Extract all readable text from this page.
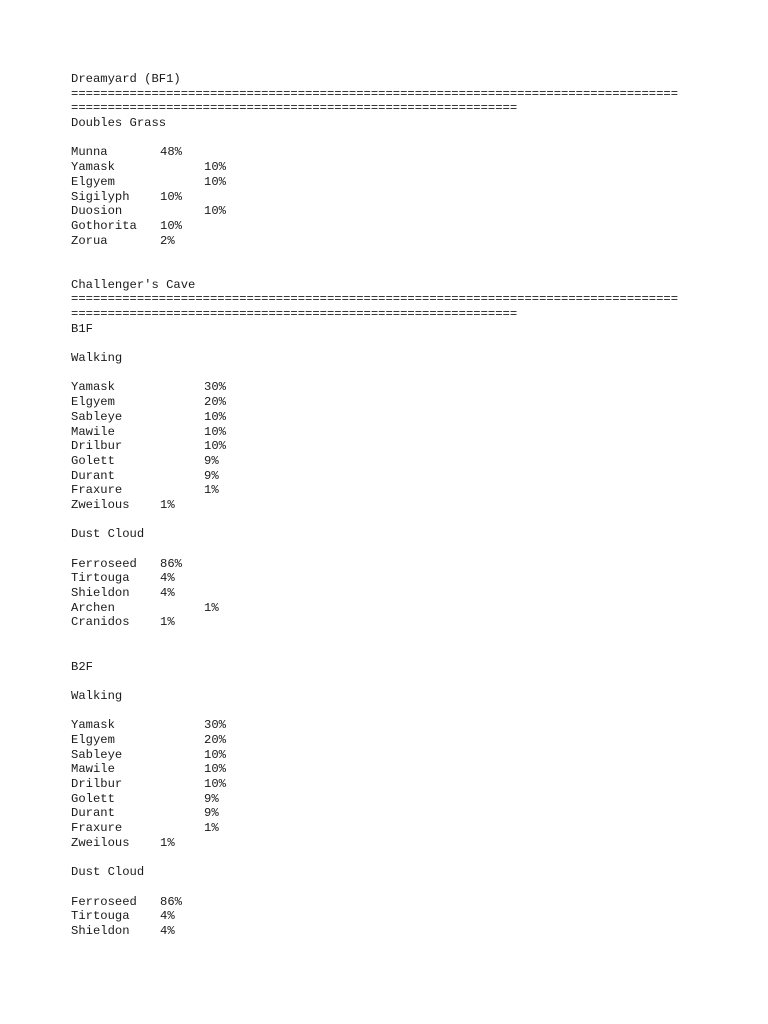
Dreamyard (BF1)
===================================================================================
=============================================================
Doubles Grass
Munna	48%
Yamask	10%
Elgyem	10%
Sigilyph 10%
Duosion	10%
Gothorita 10%
Zorua	2%
Challenger's Cave
===================================================================================
=============================================================
B1F
Walking
Yamask	30%
Elgyem	20%
Sableye	10%
Mawile	10%
Drilbur	10%
Golett	9%
Durant	9%
Fraxure	1%
Zweilous 1%
Dust Cloud
Ferroseed 86%
Tirtouga 4%
Shieldon 4%
Archen	1%
Cranidos 1%
B2F
Walking
Yamask	30%
Elgyem	20%
Sableye	10%
Mawile	10%
Drilbur	10%
Golett	9%
Durant	9%
Fraxure	1%
Zweilous 1%
Dust Cloud
Ferroseed 86%
Tirtouga 4%
Shieldon 4%
